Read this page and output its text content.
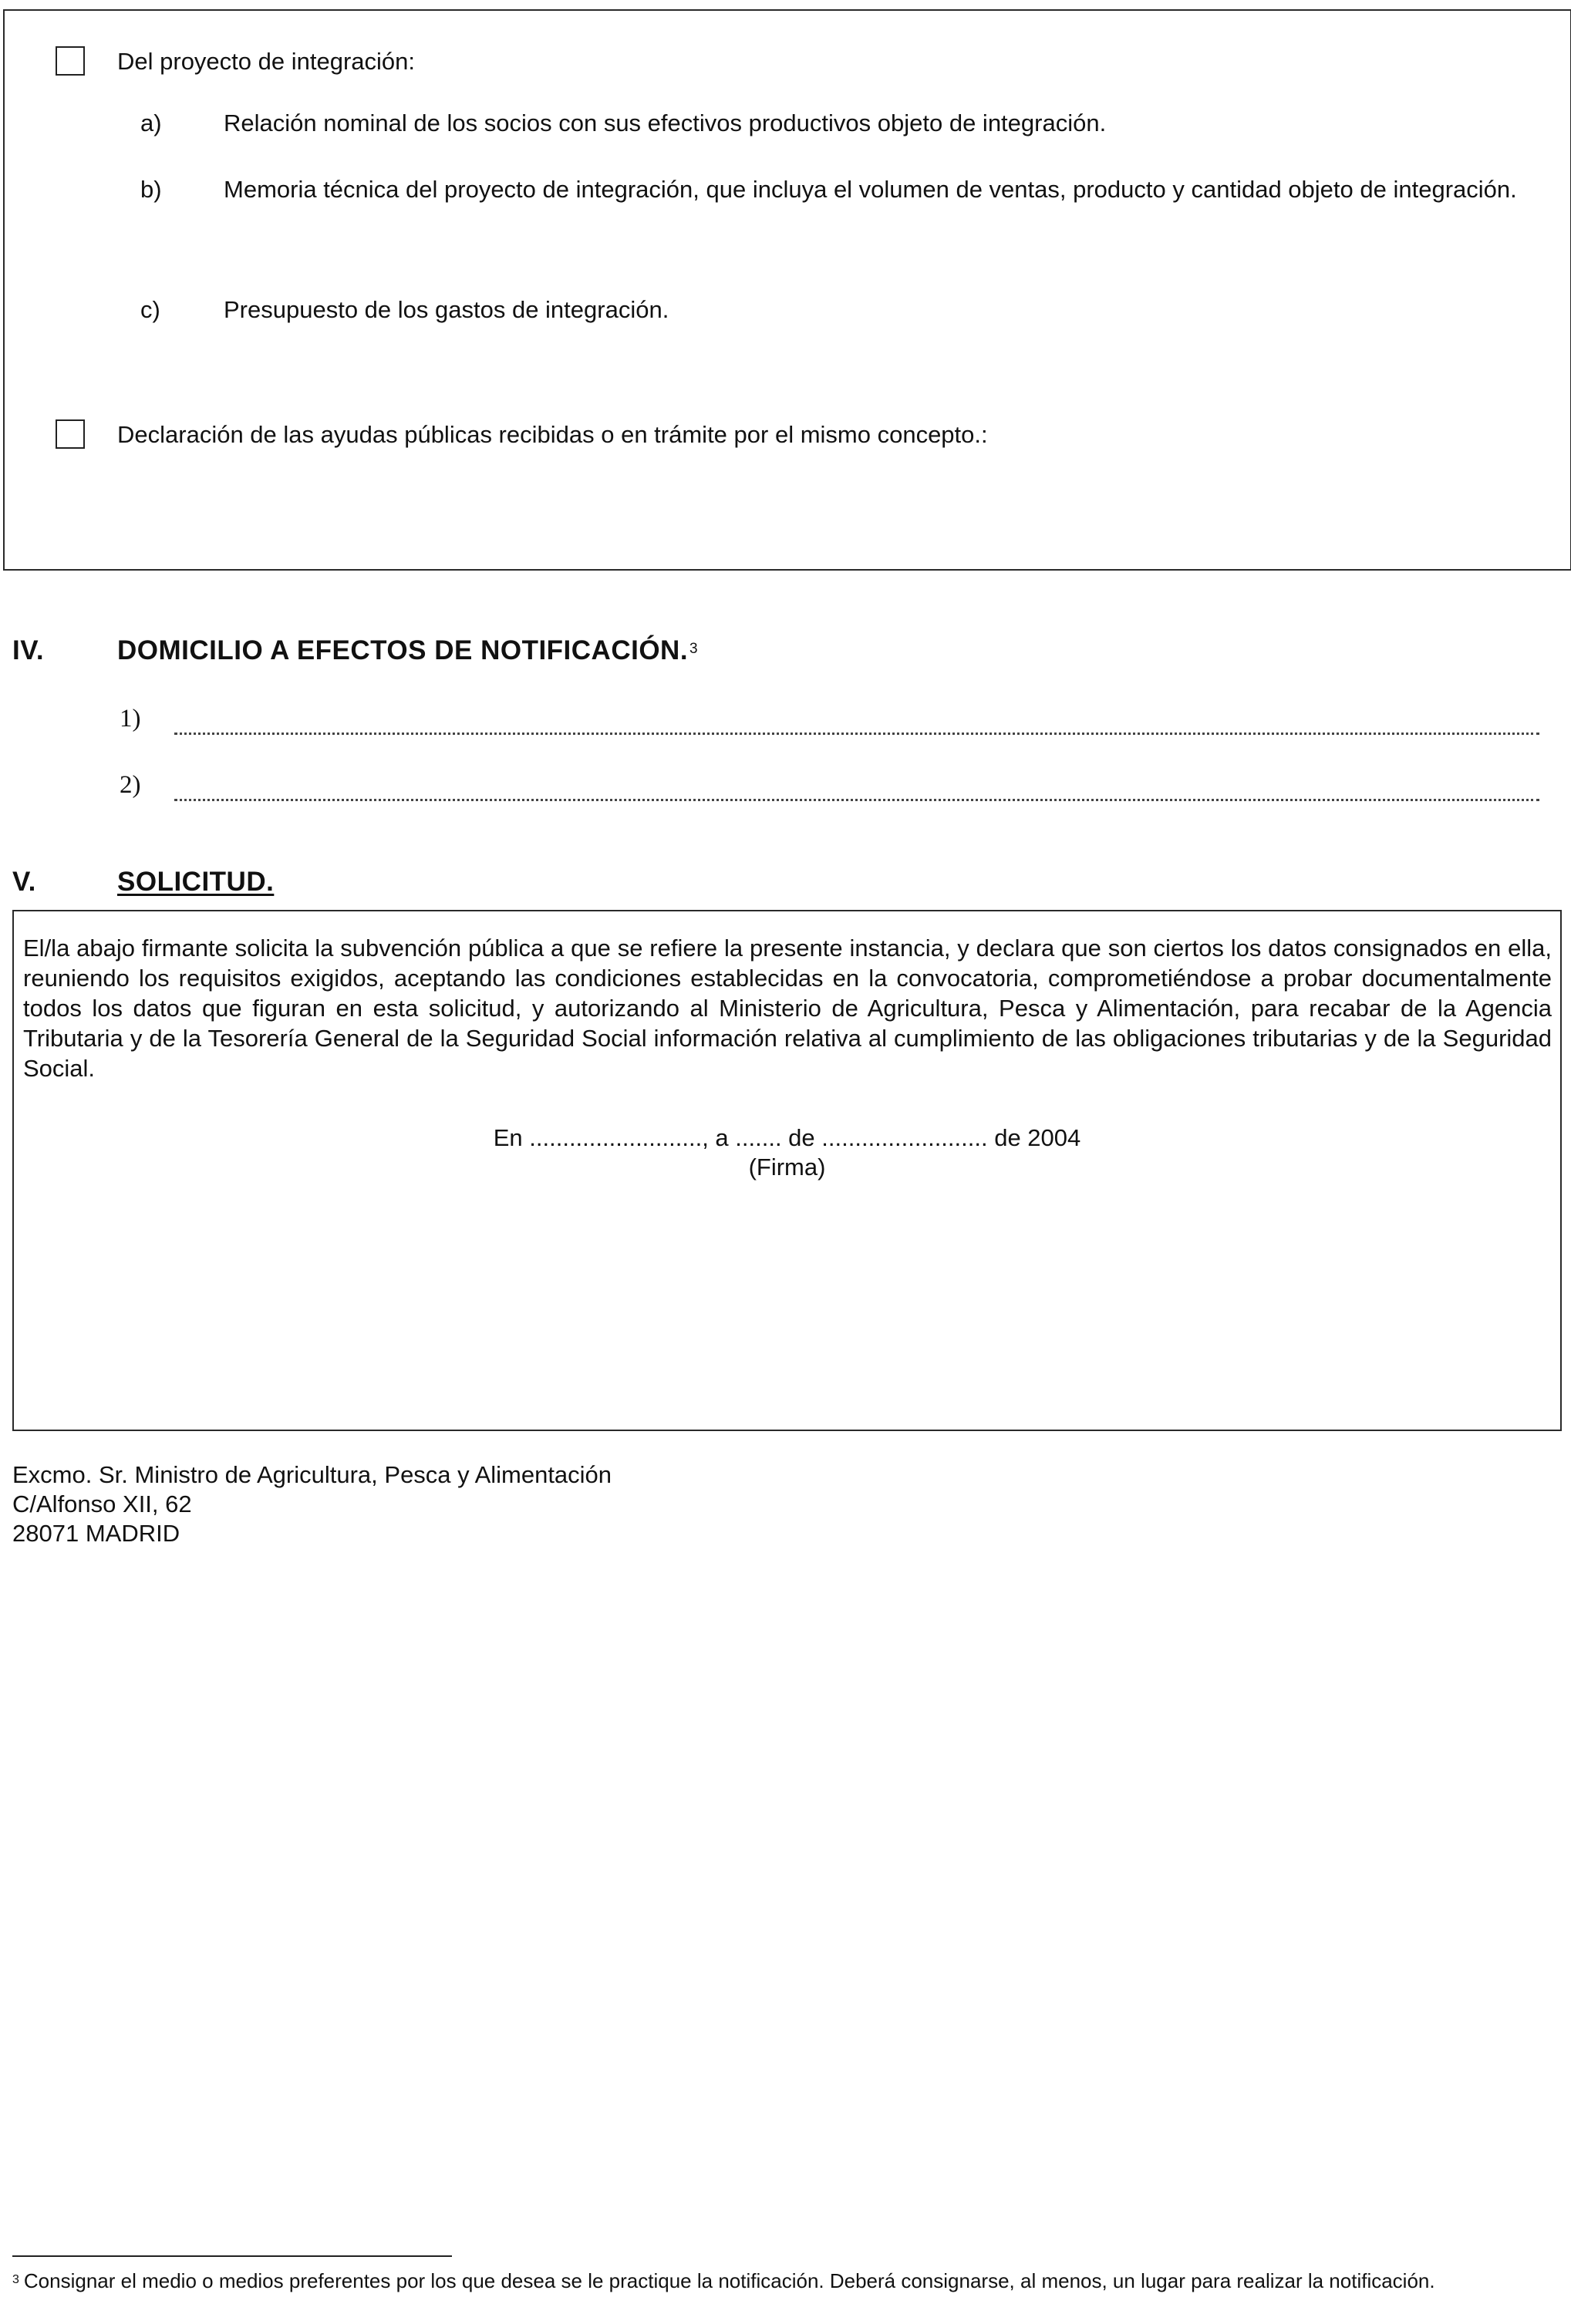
Del proyecto de integración:
a)	Relación nominal de los socios con sus efectivos productivos objeto de integración.
b)	Memoria técnica del proyecto de integración, que incluya el volumen de ventas, producto y cantidad objeto de integración.
c)	Presupuesto de los gastos de integración.
Declaración de las ayudas públicas recibidas o en trámite por el mismo concepto.:
IV.	DOMICILIO A EFECTOS DE NOTIFICACIÓN. $^3$
1)
2)
V.	SOLICITUD.
El/la abajo firmante solicita la subvención pública a que se refiere la presente instancia, y declara que son ciertos los datos consignados en ella, reuniendo los requisitos exigidos, aceptando las condiciones establecidas en la convocatoria, comprometiéndose a probar documentalmente todos los datos que figuran en esta solicitud, y autorizando al Ministerio de Agricultura, Pesca y Alimentación, para recabar de la Agencia Tributaria y de la Tesorería General de la Seguridad Social información relativa al cumplimiento de las obligaciones tributarias y de la Seguridad Social.
En .........................., a ....... de ......................... de 2004
(Firma)
Excmo. Sr. Ministro de Agricultura, Pesca y Alimentación
C/Alfonso XII, 62
28071 MADRID
$^3$ Consignar el medio o medios preferentes por los que desea se le practique la notificación. Deberá consignarse, al menos, un lugar para realizar la notificación.
